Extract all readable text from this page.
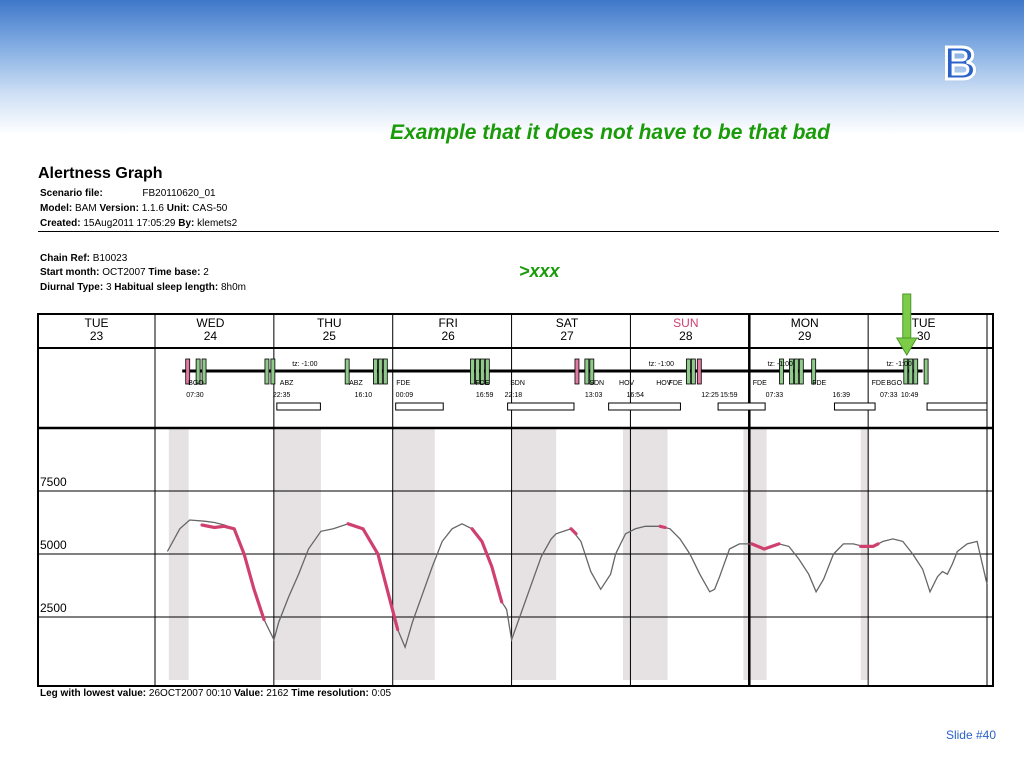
B
Example that it does not have to be that bad
Alertness Graph
Scenario file:	FB20110620_01
Model: BAM Version: 1.1.6 Unit: CAS-50
Created: 15Aug2011 17:05:29 By: klemets2
Chain Ref: B10023
Start month: OCT2007 Time base: 2
Diurnal Type: 3 Habitual sleep length: 8h0m
>xxx
2500
5000
7500
TUE
23
WED
24
THU
25
FRI
26
SAT
27
SUN
28
MON
29
TUE
30
tz: -1:00	tz: -1:00	tz: -1:00	tz: -1:00
BGO	ABZ	ABZ	FDE	FDE	SDN	SDN HOV	HOV
FDE	FDE	FDE	FDE BGO
07:30	22:35	16:10	00:09	16:59 22:18	13:03	16:54	12:25 15:59	07:33	16:39	07:33 10:49
Leg with lowest value: 26OCT2007 00:10 Value: 2162 Time resolution: 0:05
Slide #40
